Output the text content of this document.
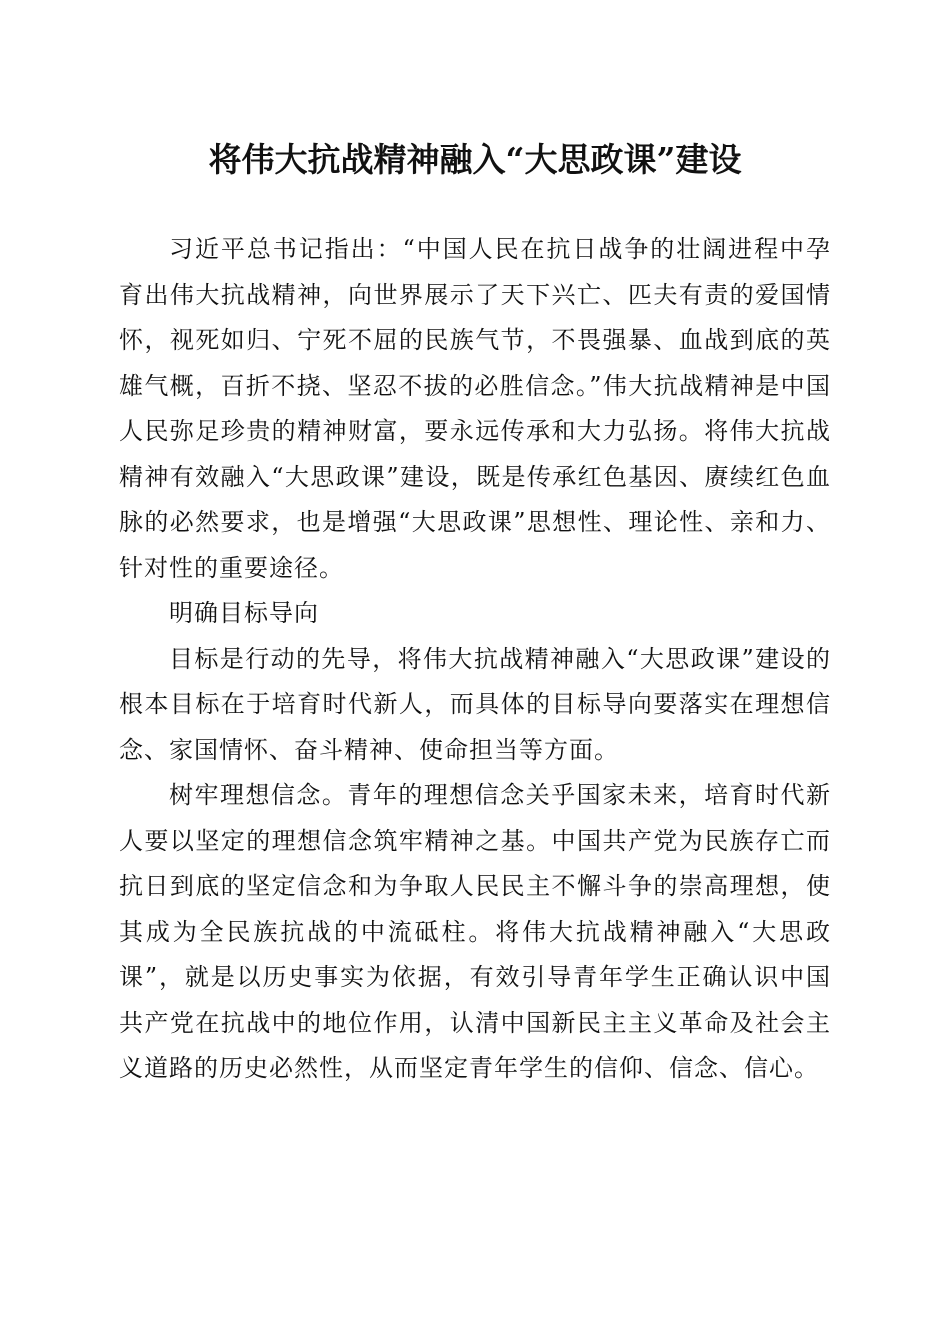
将伟大抗战精神融入“大思政课”建设

习近平总书记指出：“中国人民在抗日战争的壮阔进程中孕育出伟大抗战精神，向世界展示了天下兴亡、匹夫有责的爱国情怀，视死如归、宁死不屈的民族气节，不畏强暴、血战到底的英雄气概，百折不挠、坚忍不拔的必胜信念。”伟大抗战精神是中国人民弥足珍贵的精神财富，要永远传承和大力弘扬。将伟大抗战精神有效融入“大思政课”建设，既是传承红色基因、赓续红色血脉的必然要求，也是增强“大思政课”思想性、理论性、亲和力、针对性的重要途径。

明确目标导向

目标是行动的先导，将伟大抗战精神融入“大思政课”建设的根本目标在于培育时代新人，而具体的目标导向要落实在理想信念、家国情怀、奋斗精神、使命担当等方面。

树牢理想信念。青年的理想信念关乎国家未来，培育时代新人要以坚定的理想信念筑牢精神之基。中国共产党为民族存亡而抗日到底的坚定信念和为争取人民民主不懈斗争的崇高理想，使其成为全民族抗战的中流砥柱。将伟大抗战精神融入“大思政课”，就是以历史事实为依据，有效引导青年学生正确认识中国共产党在抗战中的地位作用，认清中国新民主主义革命及社会主义道路的历史必然性，从而坚定青年学生的信仰、信念、信心。
